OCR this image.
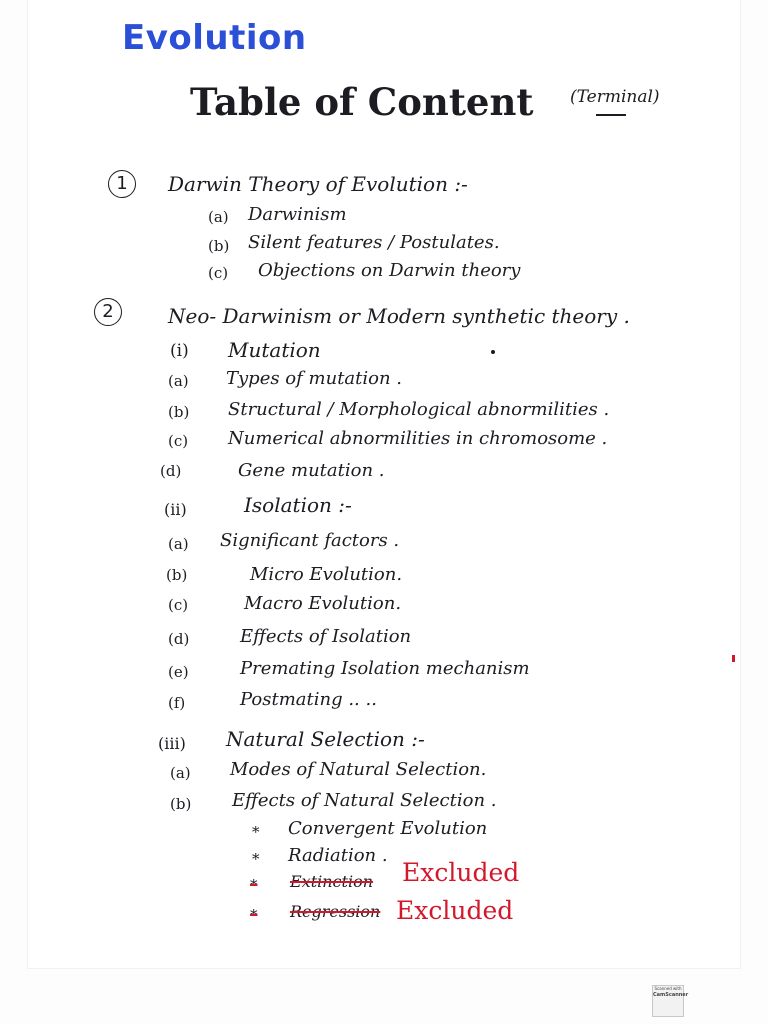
Evolution
Table of Content (Terminal)
1	Darwin Theory of Evolution :-
(a) Darwinism
(b) Silent features / Postulates.
(c) Objections on Darwin theory
2	Neo- Darwinism or Modern synthetic theory .
(i) Mutation
(a) Types of mutation .
(b) Structural / Morphological abnormilities .
(c) Numerical abnormilities in chromosome .
(d)	Gene mutation .
(ii)	Isolation :-
(a) Significant factors .
(b)	Micro Evolution.
(c)	Macro Evolution.
(d)	Effects of Isolation
(e)	Premating Isolation mechanism
(f)	Postmating .. ..
(iii) Natural Selection :-
(a) Modes of Natural Selection.
(b) Effects of Natural Selection .
* Convergent Evolution
* Radiation .
* Extinction Excluded
* Regression Excluded
Scanned with
CamScanner
